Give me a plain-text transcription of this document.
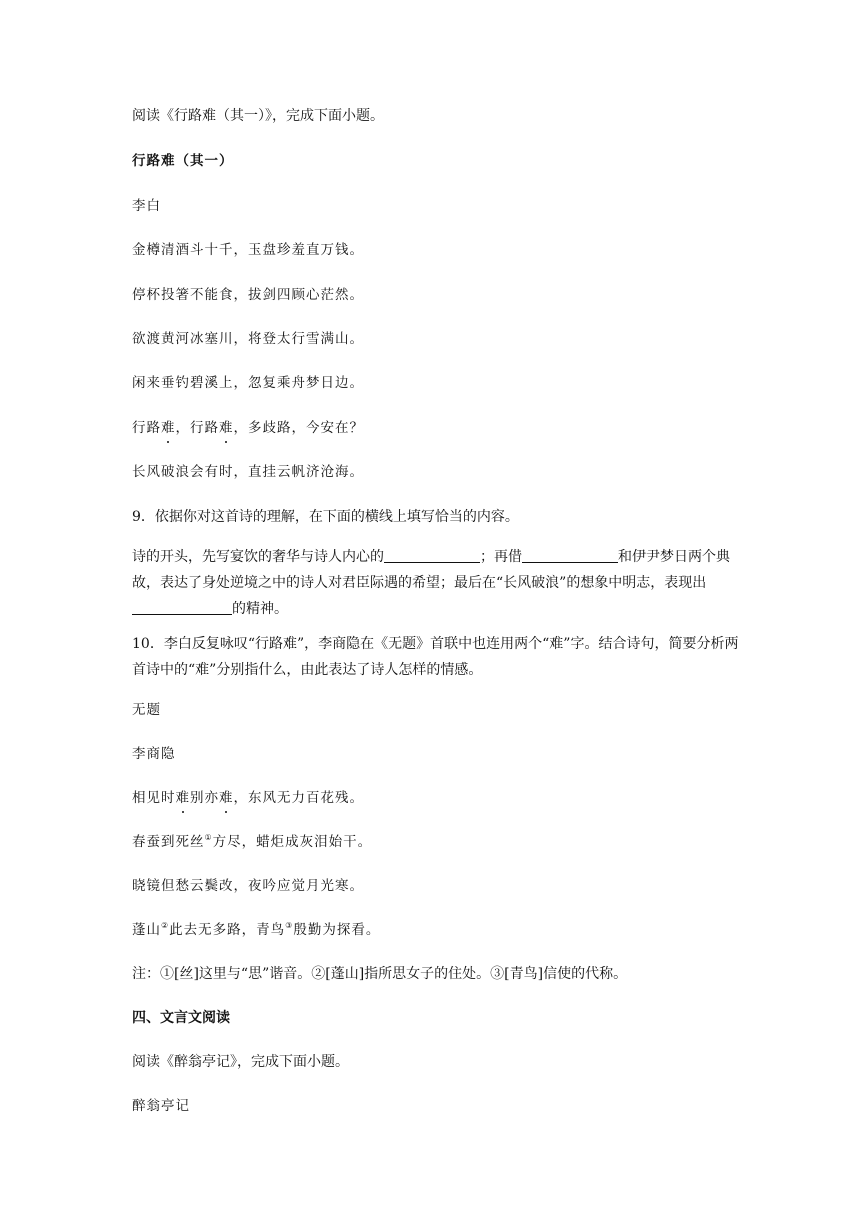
阅读《行路难（其一）》，完成下面小题。
行路难（其一）
李白
金樽清酒斗十千，玉盘珍羞直万钱。
停杯投箸不能食，拔剑四顾心茫然。
欲渡黄河冰塞川，将登太行雪满山。
闲来垂钓碧溪上，忽复乘舟梦日边。
行路难，行路难，多歧路，今安在？
长风破浪会有时，直挂云帆济沧海。
9．依据你对这首诗的理解，在下面的横线上填写恰当的内容。
诗的开头，先写宴饮的奢华与诗人内心的	；再借	和伊尹梦日两个典故，表达了身处逆境之中的诗人对君臣际遇的希望；最后在“长风破浪”的想象中明志，表现出的精神。
10．李白反复咏叹“行路难”，李商隐在《无题》首联中也连用两个“难”字。结合诗句，简要分析两首诗中的“难”分别指什么，由此表达了诗人怎样的情感。
无题
李商隐
相见时难别亦难，东风无力百花残。
春蚕到死丝①方尽，蜡炬成灰泪始干。
晓镜但愁云鬓改，夜吟应觉月光寒。
蓬山②此去无多路，青鸟③殷勤为探看。
注：①[丝]这里与“思”谐音。②[蓬山]指所思女子的住处。③[青鸟]信使的代称。
四、文言文阅读
阅读《醉翁亭记》，完成下面小题。
醉翁亭记
